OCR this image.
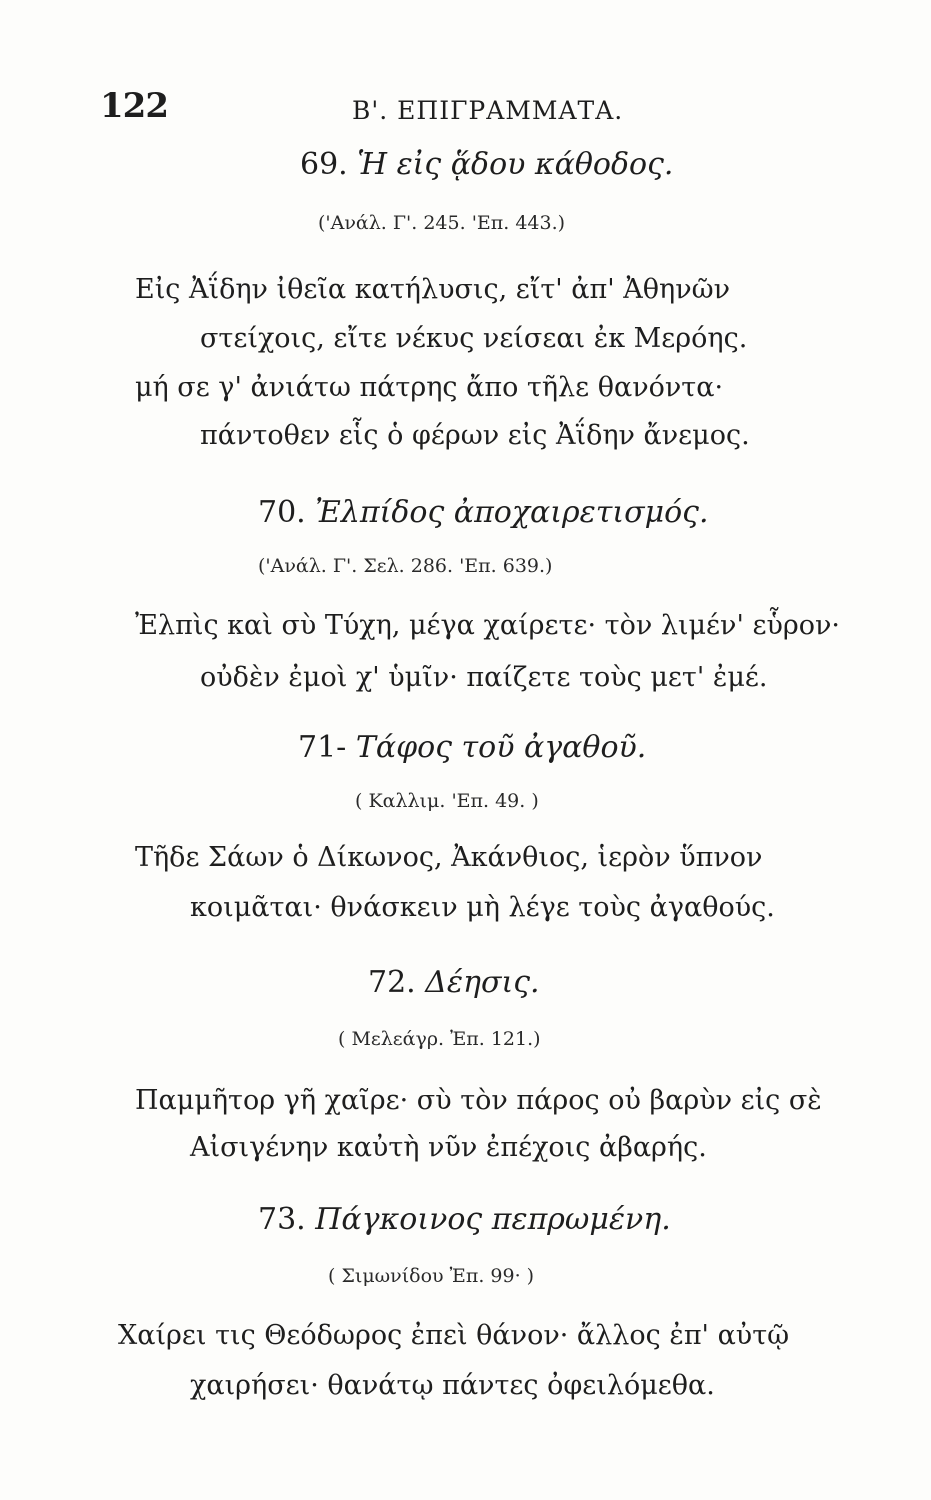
122	Β'. ΕΠΙΓΡΑΜΜΑΤΑ.
69. Ἡ εἰς ᾅδου κάθοδος.
('Ανάλ. Γ'. 245. 'Επ. 443.)
Εἰς Ἀΐδην ἰθεῖα κατήλυσις, εἴτ' ἀπ' Ἀθηνῶν
στείχοις, εἴτε νέκυς νείσεαι ἐκ Μερόης.
μή σε γ' ἀνιάτω πάτρης ἄπο τῆλε θανόντα·
πάντοθεν εἷς ὁ φέρων εἰς Ἀΐδην ἄνεμος.
70. Ἐλπίδος ἀποχαιρετισμός.
('Ανάλ. Γ'. Σελ. 286. 'Επ. 639.)
Ἐλπὶς καὶ σὺ Τύχη, μέγα χαίρετε· τὸν λιμέν' εὗρον·
οὐδὲν ἐμοὶ χ' ὑμῖν· παίζετε τοὺς μετ' ἐμέ.
71- Τάφος τοῦ ἀγαθοῦ.
( Καλλιμ. 'Επ. 49. )
Τῆδε Σάων ὁ Δίκωνος, Ἀκάνθιος, ἱερὸν ὕπνον
κοιμᾶται· θνάσκειν μὴ λέγε τοὺς ἀγαθούς.
72. Δέησις.
( Μελεάγρ. Ἐπ. 121.)
Παμμῆτορ γῆ χαῖρε· σὺ τὸν πάρος οὐ βαρὺν εἰς σὲ
Αἰσιγένην καὐτὴ νῦν ἐπέχοις ἀβαρής.
73. Πάγκοινος πεπρωμένη.
( Σιμωνίδου Ἐπ. 99· )
Χαίρει τις Θεόδωρος ἐπεὶ θάνον· ἄλλος ἐπ' αὐτῷ
χαιρήσει· θανάτῳ πάντες ὀφειλόμεθα.
